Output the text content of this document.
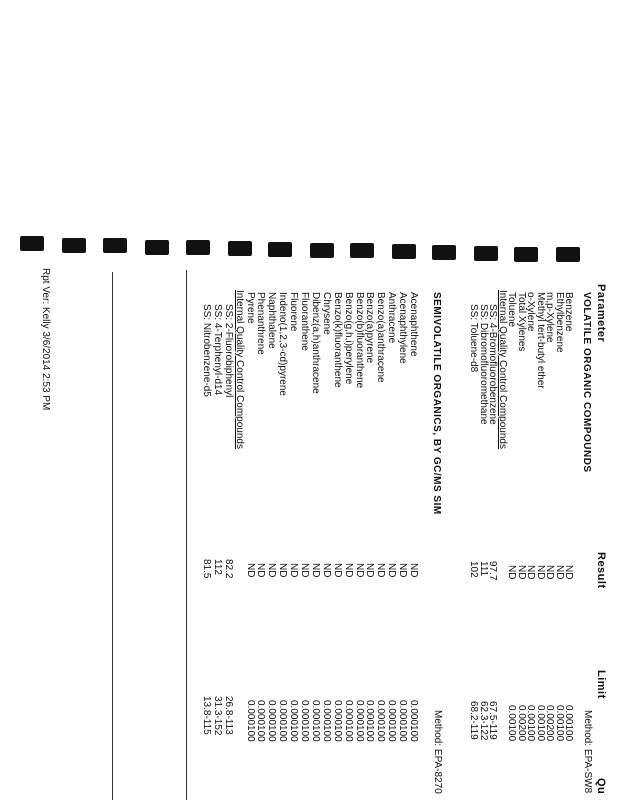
Parameter
Result
Limit
Qu
VOLATILE ORGANIC COMPOUNDS
Method: EPA-SW8
Benzene
ND
0.00100
Ethylbenzene
ND
0.00100
m,p-Xylene
ND
0.00200
Methyl tert-butyl ether
ND
0.00100
o-Xylene
ND
0.00100
Total Xylenes
ND
0.00200
Toluene
ND
0.00100
Internal Quality Control Compounds
SS: 4-Bromofluorobenzene
97.7
67.5-119
SS: Dibromofluoromethane
111
62.3-122
SS: Toluene-d8
102
68.2-119
SEMIVOLATILE ORGANICS, BY GC/MS SIM
Method: EPA-8270
Acenaphthene
ND
0.000100
Acenaphthylene
ND
0.000100
Anthracene
ND
0.000100
Benzo(a)anthracene
ND
0.000100
Benzo(a)pyrene
ND
0.000100
Benzo(b)fluoranthene
ND
0.000100
Benzo(g,h,i)perylene
ND
0.000100
Benzo(k)fluoranthene
ND
0.000100
Chrysene
ND
0.000100
Dibenz(a,h)anthracene
ND
0.000100
Fluoranthene
ND
0.000100
Fluorene
ND
0.000100
Indeno(1,2,3-cd)pyrene
ND
0.000100
Naphthalene
ND
0.000100
Phenanthrene
ND
0.000100
Pyrene
ND
0.000100
Internal Quality Control Compounds
SS: 2-Fluorobiphenyl
82.2
26.8-113
SS: 4-Terphenyl-d14
112
31.3-152
SS: Nitrobenzene-d5
81.5
13.8-115
Rpt Ver: Kelly 3/6/2014 2:53 PM
